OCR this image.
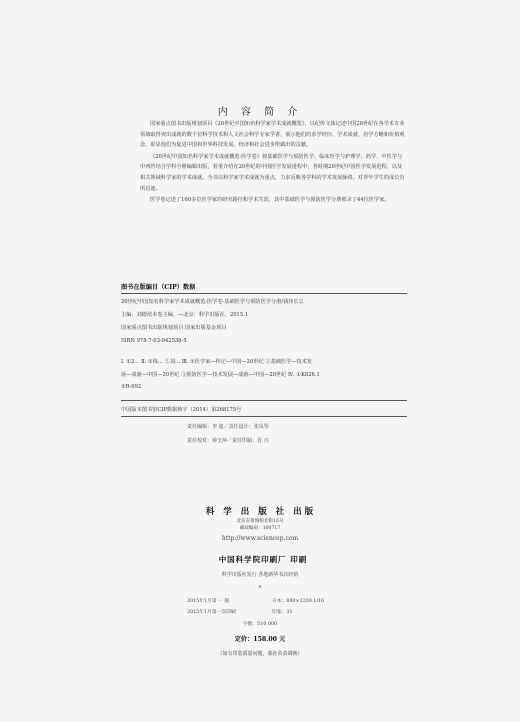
内 容 简 介

国家重点图书出版规划项目《20世纪中国知名科学家学术成就概览》，以纪传文体记述中国20世纪在各学术专业领域取得突出成就的数千位科学技术和人文社会科学专家学者，展示他们的求学经历、学术成就、治学方略和价值观念，彰显他们为促进中国和世界科技发展、经济和社会进步所做出的贡献。

《20世纪中国知名科学家学术成就概览·医学卷》按基础医学与预防医学、临床医学与护理学、药学、中医学与中西医结合学科分册编辑出版，着重介绍在20世纪的中国医学发展进程中，各时期20世纪中国医学发展进程，以及相关领域科学家的学术成就。全书以科学家学术成就为重点，力求反映各学科的学术发展脉络，对青年学生的成长有所启迪。

医学卷记述了100多位医学家的研究路径和学术生涯，其中基础医学与预防医学分册收录了44位医学家。

图书在版编目（CIP）数据
20世纪中国知名科学家学术成就概览·医学卷·基础医学与预防医学分册/钱伟长总
主编；刘德培本卷主编．—北京：科学出版社，2015.1
国家重点图书出版规划项目 国家出版基金项目
ISBN 978-7-03-042538-5
Ⅰ. ①2… Ⅱ. ①钱… ②刘… Ⅲ. ①医学家—传记—中国—20世纪 ②基础医学—技术发
展—成就—中国—20世纪 ③预防医学—技术发展—成就—中国—20世纪 Ⅳ. ①K826.1
②R-092
中国版本图书馆CIP数据核字（2014）第268175号
责任编辑：李 迪／责任设计：张凤琴
责任校对：钟玉萍／责任印制：肖 兴
科 学 出 版 社 出版
北京东黄城根北街16号
邮政编码：100717
http://www.sciencep.com
中国科学院印刷厂 印刷
科学出版社发行 各地新华书店经销
*
2015年1月第 一 版	开本：880×1230 1/16
2015年1月第一次印刷	印张：31
字数：510 000
定价：158.00 元
（如有印装质量问题，我社负责调换）
